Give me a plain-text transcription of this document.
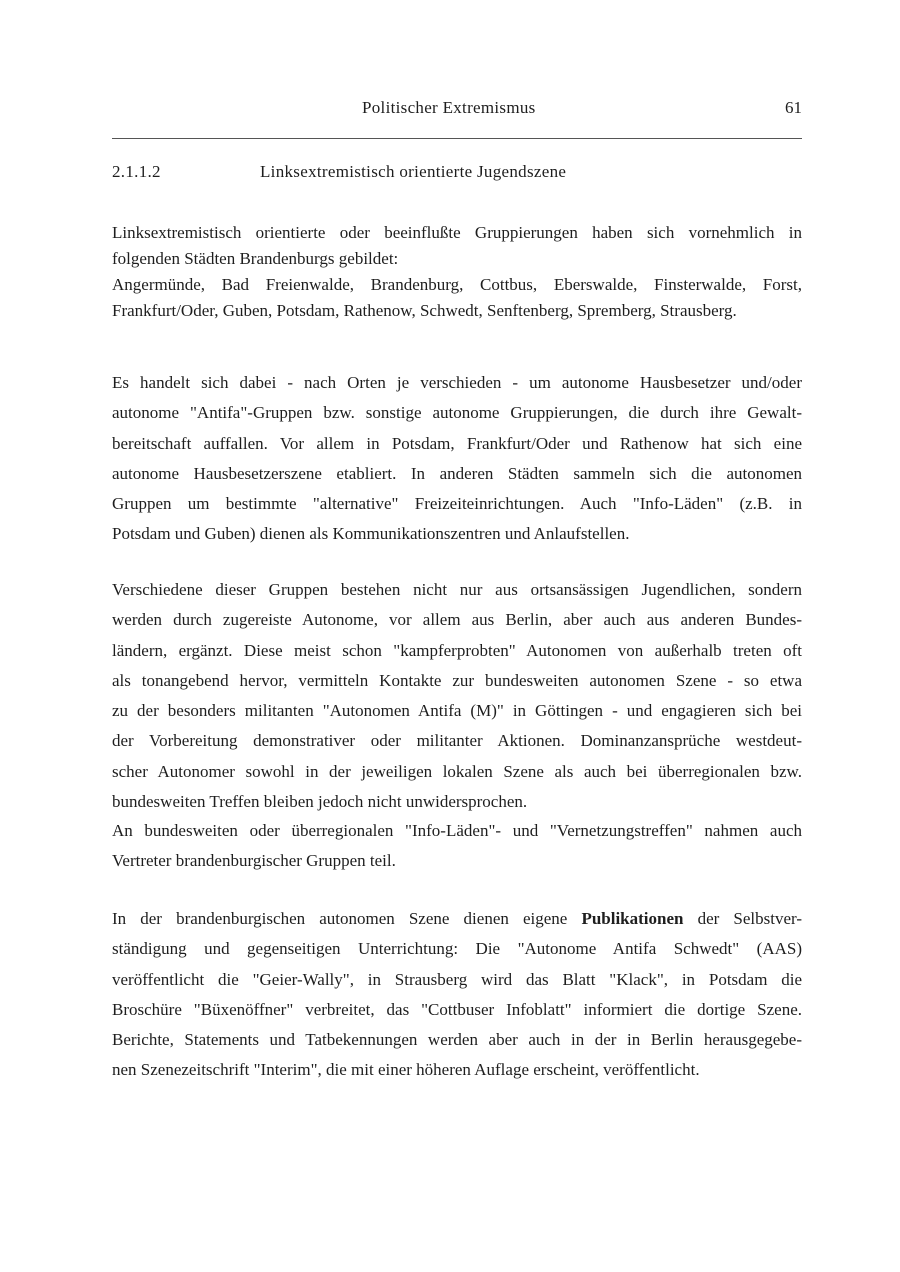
Politischer Extremismus	61
2.1.1.2	Linksextremistisch orientierte Jugendszene
Linksextremistisch orientierte oder beeinflußte Gruppierungen haben sich vornehmlich in
folgenden Städten Brandenburgs gebildet:
Angermünde, Bad Freienwalde, Brandenburg, Cottbus, Eberswalde, Finsterwalde, Forst,
Frankfurt/Oder, Guben, Potsdam, Rathenow, Schwedt, Senftenberg, Spremberg, Strausberg.
Es handelt sich dabei - nach Orten je verschieden - um autonome Hausbesetzer und/oder
autonome "Antifa"-Gruppen bzw. sonstige autonome Gruppierungen, die durch ihre Gewalt-
bereitschaft auffallen. Vor allem in Potsdam, Frankfurt/Oder und Rathenow hat sich eine
autonome Hausbesetzerszene etabliert. In anderen Städten sammeln sich die autonomen
Gruppen um bestimmte "alternative" Freizeiteinrichtungen. Auch "Info-Läden" (z.B. in
Potsdam und Guben) dienen als Kommunikationszentren und Anlaufstellen.
Verschiedene dieser Gruppen bestehen nicht nur aus ortsansässigen Jugendlichen, sondern
werden durch zugereiste Autonome, vor allem aus Berlin, aber auch aus anderen Bundes-
ländern, ergänzt. Diese meist schon "kampferprobten" Autonomen von außerhalb treten oft
als tonangebend hervor, vermitteln Kontakte zur bundesweiten autonomen Szene - so etwa
zu der besonders militanten "Autonomen Antifa (M)" in Göttingen - und engagieren sich bei
der Vorbereitung demonstrativer oder militanter Aktionen. Dominanzansprüche westdeut-
scher Autonomer sowohl in der jeweiligen lokalen Szene als auch bei überregionalen bzw.
bundesweiten Treffen bleiben jedoch nicht unwidersprochen.
An bundesweiten oder überregionalen "Info-Läden"- und "Vernetzungstreffen" nahmen auch
Vertreter brandenburgischer Gruppen teil.
In der brandenburgischen autonomen Szene dienen eigene Publikationen der Selbstver-
ständigung und gegenseitigen Unterrichtung: Die "Autonome Antifa Schwedt" (AAS)
veröffentlicht die "Geier-Wally", in Strausberg wird das Blatt "Klack", in Potsdam die
Broschüre "Büxenöffner" verbreitet, das "Cottbuser Infoblatt" informiert die dortige Szene.
Berichte, Statements und Tatbekennungen werden aber auch in der in Berlin herausgegebe-
nen Szenezeitschrift "Interim", die mit einer höheren Auflage erscheint, veröffentlicht.
